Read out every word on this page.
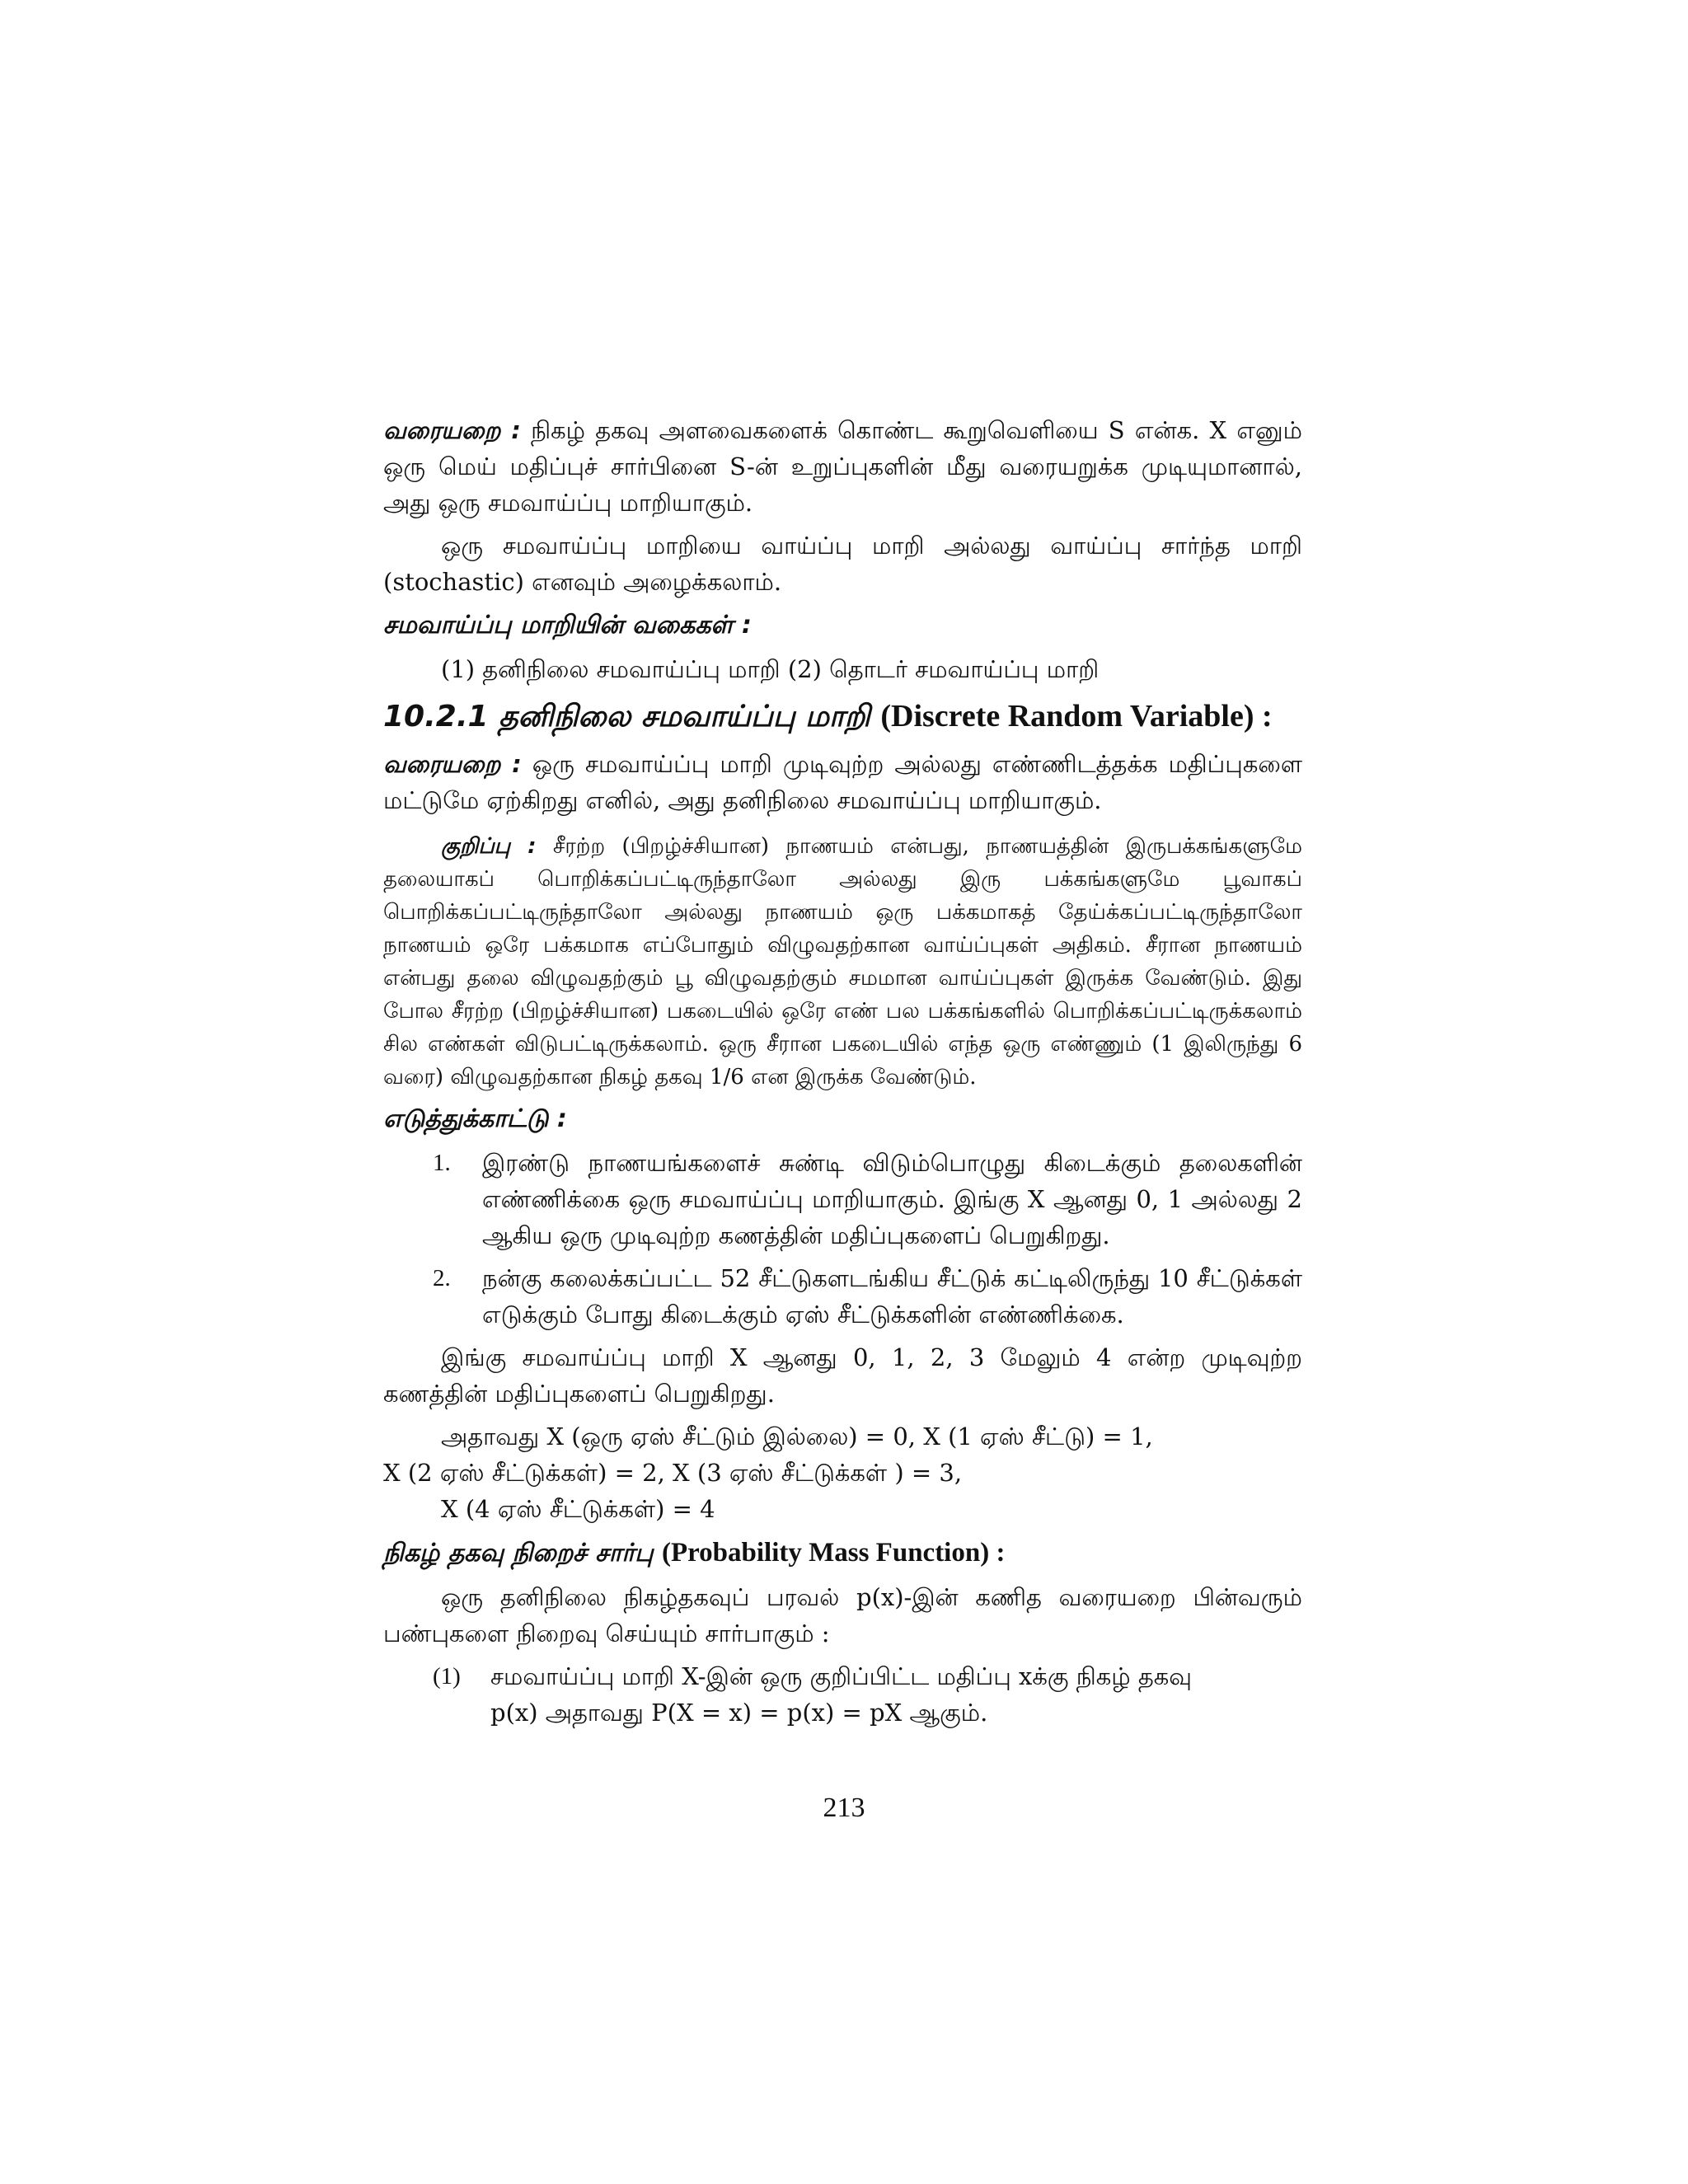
வரையறை : நிகழ் தகவு அளவைகளைக் கொண்ட கூறுவெளியை S என்க. X எனும் ஒரு மெய் மதிப்புச் சார்பினை S-ன் உறுப்புகளின் மீது வரையறுக்க முடியுமானால், அது ஒரு சமவாய்ப்பு மாறியாகும்.

ஒரு சமவாய்ப்பு மாறியை வாய்ப்பு மாறி அல்லது வாய்ப்பு சார்ந்த மாறி (stochastic) எனவும் அழைக்கலாம்.

சமவாய்ப்பு மாறியின் வகைகள் :

(1) தனிநிலை சமவாய்ப்பு மாறி (2) தொடர் சமவாய்ப்பு மாறி

10.2.1 தனிநிலை சமவாய்ப்பு மாறி (Discrete Random Variable) :

வரையறை : ஒரு சமவாய்ப்பு மாறி முடிவுற்ற அல்லது எண்ணிடத்தக்க மதிப்புகளை மட்டுமே ஏற்கிறது எனில், அது தனிநிலை சமவாய்ப்பு மாறியாகும்.

குறிப்பு : சீரற்ற (பிறழ்ச்சியான) நாணயம் என்பது, நாணயத்தின் இருபக்கங்களுமே தலையாகப் பொறிக்கப்பட்டிருந்தாலோ அல்லது இரு பக்கங்களுமே பூவாகப் பொறிக்கப்பட்டிருந்தாலோ அல்லது நாணயம் ஒரு பக்கமாகத் தேய்க்கப்பட்டிருந்தாலோ நாணயம் ஒரே பக்கமாக எப்போதும் விழுவதற்கான வாய்ப்புகள் அதிகம். சீரான நாணயம் என்பது தலை விழுவதற்கும் பூ விழுவதற்கும் சமமான வாய்ப்புகள் இருக்க வேண்டும். இது போல சீரற்ற (பிறழ்ச்சியான) பகடையில் ஒரே எண் பல பக்கங்களில் பொறிக்கப்பட்டிருக்கலாம் சில எண்கள் விடுபட்டிருக்கலாம். ஒரு சீரான பகடையில் எந்த ஒரு எண்ணும் (1 இலிருந்து 6 வரை) விழுவதற்கான நிகழ் தகவு 1/6 என இருக்க வேண்டும்.

எடுத்துக்காட்டு :

1. இரண்டு நாணயங்களைச் சுண்டி விடும்பொழுது கிடைக்கும் தலைகளின் எண்ணிக்கை ஒரு சமவாய்ப்பு மாறியாகும். இங்கு X ஆனது 0, 1 அல்லது 2 ஆகிய ஒரு முடிவுற்ற கணத்தின் மதிப்புகளைப் பெறுகிறது.
2. நன்கு கலைக்கப்பட்ட 52 சீட்டுகளடங்கிய சீட்டுக் கட்டிலிருந்து 10 சீட்டுக்கள் எடுக்கும் போது கிடைக்கும் ஏஸ் சீட்டுக்களின் எண்ணிக்கை.

இங்கு சமவாய்ப்பு மாறி X ஆனது 0, 1, 2, 3 மேலும் 4 என்ற முடிவுற்ற கணத்தின் மதிப்புகளைப் பெறுகிறது.

அதாவது X (ஒரு ஏஸ் சீட்டும் இல்லை) = 0, X (1 ஏஸ் சீட்டு) = 1,

X (2 ஏஸ் சீட்டுக்கள்) = 2, X (3 ஏஸ் சீட்டுக்கள் ) = 3,

X (4 ஏஸ் சீட்டுக்கள்) = 4

நிகழ் தகவு நிறைச் சார்பு (Probability Mass Function) :

ஒரு தனிநிலை நிகழ்தகவுப் பரவல் p(x)-இன் கணித வரையறை பின்வரும் பண்புகளை நிறைவு செய்யும் சார்பாகும் :

(1) சமவாய்ப்பு மாறி X-இன் ஒரு குறிப்பிட்ட மதிப்பு xக்கு நிகழ் தகவு
p(x) அதாவது P(X = x) = p(x) = pX ஆகும்.
213
